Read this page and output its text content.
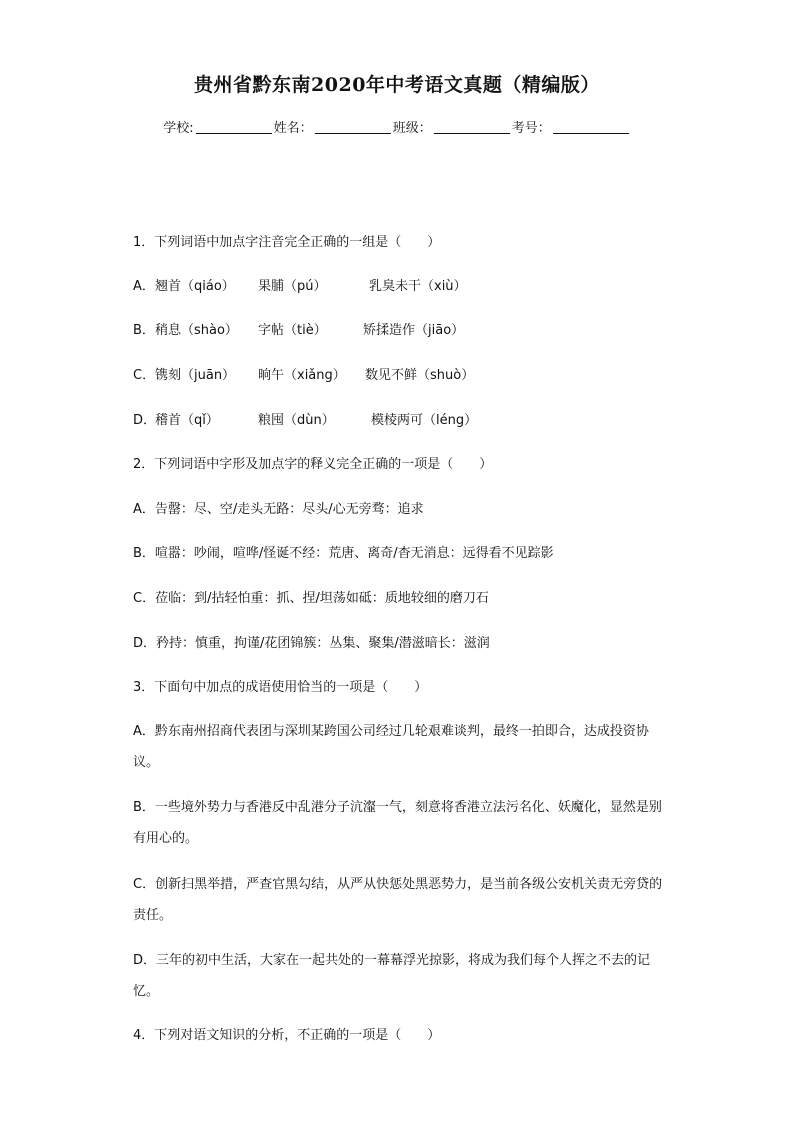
贵州省黔东南2020年中考语文真题（精编版）
学校:	姓名：	班级：	考号：
1．下列词语中加点字注音完全正确的一组是（　　）
A． 翘首（qiáo） 果脯（pú）	乳臭未干（xiù）
B． 稍息（shào） 字帖（tiè）	矫揉造作（jiāo）
C． 镌刻（juān） 晌午（xiǎng） 数见不鲜（shuò）
D．
稽首（qǐ）	粮囤（dùn）	模棱两可（léng）
2．下列词语中字形及加点字的释义完全正确的一项是（　　）
A．告罄：尽、空/走头无路：尽头/心无旁骛：追求
B．喧嚣：吵闹，喧哗/怪诞不经：荒唐、离奇/杳无消息：远得看不见踪影
C．莅临：到/拈轻怕重：抓、捏/坦荡如砥：质地较细的磨刀石
D．矜持：慎重，拘谨/花团锦簇：丛集、聚集/潜滋暗长：滋润
3．下面句中加点的成语使用恰当的一项是（　　）
A．黔东南州招商代表团与深圳某跨国公司经过几轮艰难谈判，最终一拍即合，达成投资协议。
B．一些境外势力与香港反中乱港分子沆瀣一气，刻意将香港立法污名化、妖魔化，显然是别有用心的。
C．创新扫黑举措，严查官黑勾结，从严从快惩处黑恶势力，是当前各级公安机关责无旁贷的责任。
D．三年的初中生活，大家在一起共处的一幕幕浮光掠影，将成为我们每个人挥之不去的记忆。
4．下列对语文知识的分析，不正确的一项是（　　）
